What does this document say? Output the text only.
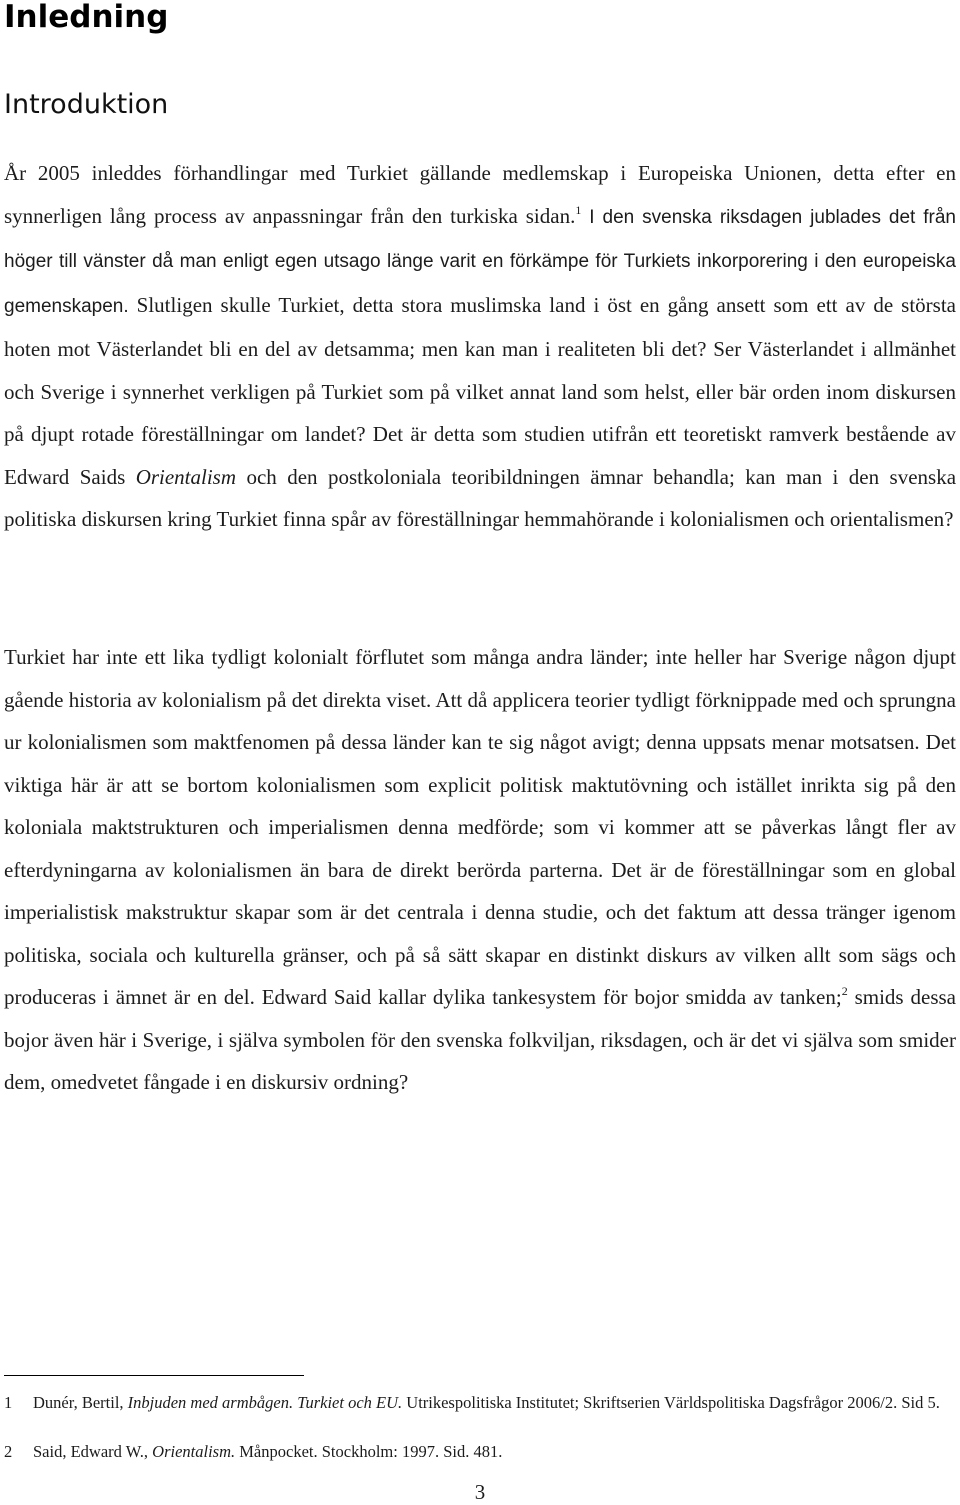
Inledning
Introduktion

År 2005 inleddes förhandlingar med Turkiet gällande medlemskap i Europeiska Unionen, detta efter en synnerligen lång process av anpassningar från den turkiska sidan.$^1$ I den svenska riksdagen jublades det från höger till vänster då man enligt egen utsago länge varit en förkämpe för Turkiets inkorporering i den europeiska gemenskapen. Slutligen skulle Turkiet, detta stora muslimska land i öst en gång ansett som ett av de största hoten mot Västerlandet bli en del av detsamma; men kan man i realiteten bli det? Ser Västerlandet i allmänhet och Sverige i synnerhet verkligen på Turkiet som på vilket annat land som helst, eller bär orden inom diskursen på djupt rotade föreställningar om landet? Det är detta som studien utifrån ett teoretiskt ramverk bestående av Edward Saids Orientalism och den postkoloniala teoribildningen ämnar behandla; kan man i den svenska politiska diskursen kring Turkiet finna spår av föreställningar hemmahörande i kolonialismen och orientalismen?

Turkiet har inte ett lika tydligt kolonialt förflutet som många andra länder; inte heller har Sverige någon djupt gående historia av kolonialism på det direkta viset. Att då applicera teorier tydligt förknippade med och sprungna ur kolonialismen som maktfenomen på dessa länder kan te sig något avigt; denna uppsats menar motsatsen. Det viktiga här är att se bortom kolonialismen som explicit politisk maktutövning och istället inrikta sig på den koloniala maktstrukturen och imperialismen denna medförde; som vi kommer att se påverkas långt fler av efterdyningarna av kolonialismen än bara de direkt berörda parterna. Det är de föreställningar som en global imperialistisk makstruktur skapar som är det centrala i denna studie, och det faktum att dessa tränger igenom politiska, sociala och kulturella gränser, och på så sätt skapar en distinkt diskurs av vilken allt som sägs och produceras i ämnet är en del. Edward Said kallar dylika tankesystem för bojor smidda av tanken;$^2$ smids dessa bojor även här i Sverige, i själva symbolen för den svenska folkviljan, riksdagen, och är det vi själva som smider dem, omedvetet fångade i en diskursiv ordning?

1 Dunér, Bertil, Inbjuden med armbågen. Turkiet och EU. Utrikespolitiska Institutet; Skriftserien Världspolitiska Dagsfrågor 2006/2. Sid 5.
2 Said, Edward W., Orientalism. Månpocket. Stockholm: 1997. Sid. 481.
3
